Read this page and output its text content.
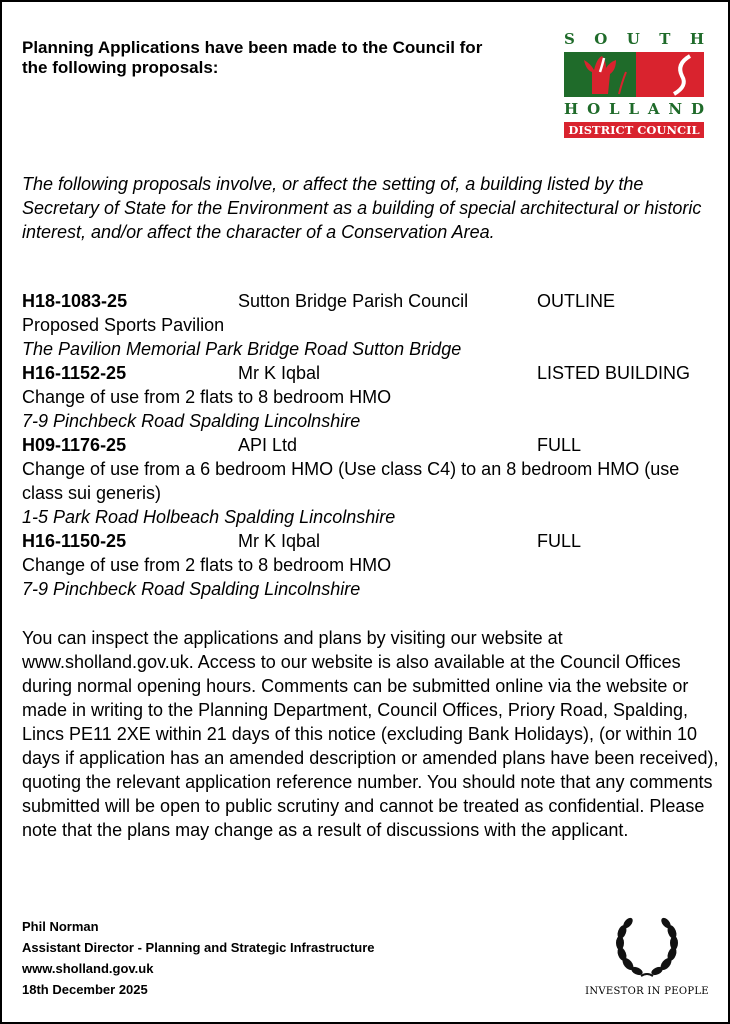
Planning Applications have been made to the Council for the following proposals:
S O U T H
H O L L A N D
DISTRICT COUNCIL
The following proposals involve, or affect the setting of, a building listed by the Secretary of State for the Environment as a building of special architectural or historic interest, and/or affect the character of a Conservation Area.
H18-1083-25	Sutton Bridge Parish Council	OUTLINE
Proposed Sports Pavilion
The Pavilion Memorial Park Bridge Road Sutton Bridge
H16-1152-25	Mr K Iqbal	LISTED BUILDING
Change of use from 2 flats to 8 bedroom HMO
7-9 Pinchbeck Road Spalding Lincolnshire
H09-1176-25	API Ltd	FULL
Change of use from a 6 bedroom HMO (Use class C4) to an 8 bedroom HMO (use class sui generis)
1-5 Park Road Holbeach Spalding Lincolnshire
H16-1150-25	Mr K Iqbal	FULL
Change of use from 2 flats to 8 bedroom HMO
7-9 Pinchbeck Road Spalding Lincolnshire
You can inspect the applications and plans by visiting our website at www.sholland.gov.uk. Access to our website is also available at the Council Offices during normal opening hours. Comments can be submitted online via the website or made in writing to the Planning Department, Council Offices, Priory Road, Spalding, Lincs PE11 2XE within 21 days of this notice (excluding Bank Holidays), (or within 10 days if application has an amended description or amended plans have been received), quoting the relevant application reference number. You should note that any comments submitted will be open to public scrutiny and cannot be treated as confidential. Please note that the plans may change as a result of discussions with the applicant.
Phil Norman
Assistant Director - Planning and Strategic Infrastructure
www.sholland.gov.uk
18th December 2025	INVESTOR IN PEOPLE
